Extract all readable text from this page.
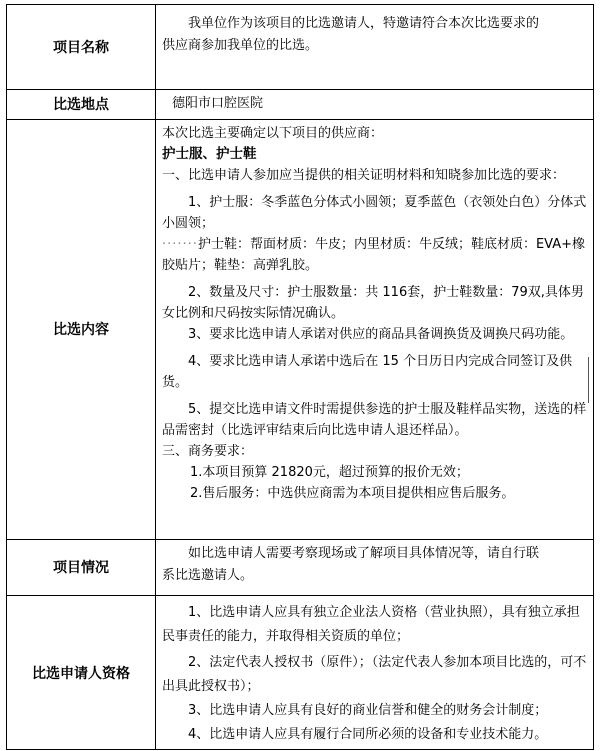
项目名称

我单位作为该项目的比选邀请人，特邀请符合本次比选要求的

供应商参加我单位的比选。

比选地点	德阳市口腔医院

比选内容

本次比选主要确定以下项目的供应商：

护士服、护士鞋

一、比选申请人参加应当提供的相关证明材料和知晓参加比选的要求：

1、护士服：冬季蓝色分体式小圆领；夏季蓝色（衣领处白色）分体式小圆领；

·······护士鞋：帮面材质：牛皮；内里材质：牛反绒；鞋底材质：EVA+橡胶贴片；鞋垫：高弹乳胶。

2、数量及尺寸：护士服数量：共 116套，护士鞋数量：79双,具体男女比例和尺码按实际情况确认。

3、要求比选申请人承诺对供应的商品具备调换货及调换尺码功能。

4、要求比选申请人承诺中选后在 15 个日历日内完成合同签订及供货。

5、提交比选申请文件时需提供参选的护士服及鞋样品实物，送选的样品需密封（比选评审结束后向比选申请人退还样品）。

三、商务要求：

1.本项目预算 21820元，超过预算的报价无效；

2.售后服务：中选供应商需为本项目提供相应售后服务。

项目情况

如比选申请人需要考察现场或了解项目具体情况等，请自行联

系比选邀请人。

比选申请人资格

1、比选申请人应具有独立企业法人资格（营业执照），具有独立承担民事责任的能力，并取得相关资质的单位；

2、法定代表人授权书（原件）；（法定代表人参加本项目比选的，可不出具此授权书）；

3、比选申请人应具有良好的商业信誉和健全的财务会计制度；

4、比选申请人应具有履行合同所必须的设备和专业技术能力。
